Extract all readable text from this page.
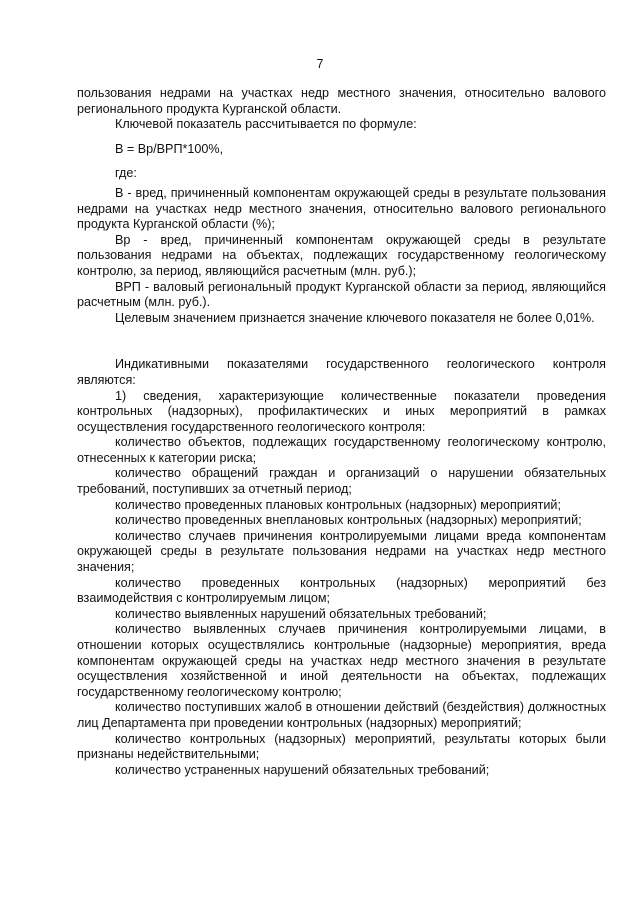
7

пользования недрами на участках недр местного значения, относительно валового регионального продукта Курганской области.

Ключевой показатель рассчитывается по формуле:

В = Вр/ВРП*100%,

где:

В - вред, причиненный компонентам окружающей среды в результате пользования недрами на участках недр местного значения, относительно валового регионального продукта Курганской области (%);

Вр - вред, причиненный компонентам окружающей среды в результате пользования недрами на объектах, подлежащих государственному геологическому контролю, за период, являющийся расчетным (млн. руб.);

ВРП - валовый региональный продукт Курганской области за период, являющийся расчетным (млн. руб.).

Целевым значением признается значение ключевого показателя не более 0,01%.

Индикативными показателями государственного геологического контроля являются:

1) сведения, характеризующие количественные показатели проведения контрольных (надзорных), профилактических и иных мероприятий в рамках осуществления государственного геологического контроля:

количество объектов, подлежащих государственному геологическому контролю, отнесенных к категории риска;

количество обращений граждан и организаций о нарушении обязательных требований, поступивших за отчетный период;

количество проведенных плановых контрольных (надзорных) мероприятий;

количество проведенных внеплановых контрольных (надзорных) мероприятий;

количество случаев причинения контролируемыми лицами вреда компонентам окружающей среды в результате пользования недрами на участках недр местного значения;

количество проведенных контрольных (надзорных) мероприятий без взаимодействия с контролируемым лицом;

количество выявленных нарушений обязательных требований;

количество выявленных случаев причинения контролируемыми лицами, в отношении которых осуществлялись контрольные (надзорные) мероприятия, вреда компонентам окружающей среды на участках недр местного значения в результате осуществления хозяйственной и иной деятельности на объектах, подлежащих государственному геологическому контролю;

количество поступивших жалоб в отношении действий (бездействия) должностных лиц Департамента при проведении контрольных (надзорных) мероприятий;

количество контрольных (надзорных) мероприятий, результаты которых были признаны недействительными;

количество устраненных нарушений обязательных требований;
